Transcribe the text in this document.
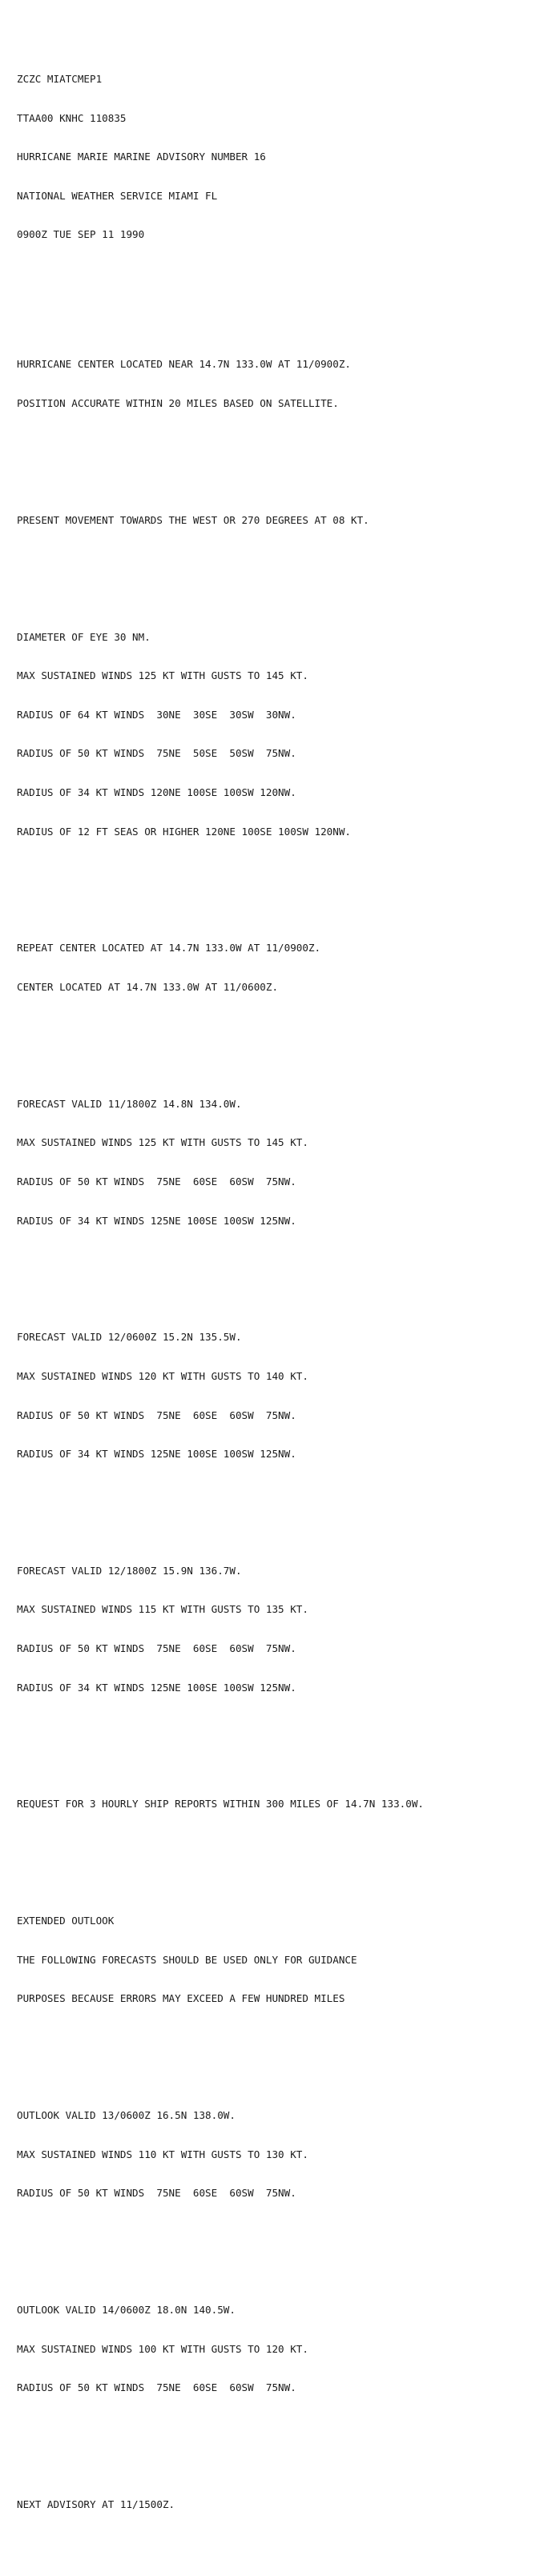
ZCZC MIATCMEP1

TTAA00 KNHC 110835

HURRICANE MARIE MARINE ADVISORY NUMBER 16

NATIONAL WEATHER SERVICE MIAMI FL

0900Z TUE SEP 11 1990

HURRICANE CENTER LOCATED NEAR 14.7N 133.0W AT 11/0900Z.

POSITION ACCURATE WITHIN 20 MILES BASED ON SATELLITE.

PRESENT MOVEMENT TOWARDS THE WEST OR 270 DEGREES AT 08 KT.

DIAMETER OF EYE 30 NM.

MAX SUSTAINED WINDS 125 KT WITH GUSTS TO 145 KT.

RADIUS OF 64 KT WINDS  30NE  30SE  30SW  30NW.

RADIUS OF 50 KT WINDS  75NE  50SE  50SW  75NW.

RADIUS OF 34 KT WINDS 120NE 100SE 100SW 120NW.

RADIUS OF 12 FT SEAS OR HIGHER 120NE 100SE 100SW 120NW.

REPEAT CENTER LOCATED AT 14.7N 133.0W AT 11/0900Z.

CENTER LOCATED AT 14.7N 133.0W AT 11/0600Z.

FORECAST VALID 11/1800Z 14.8N 134.0W.

MAX SUSTAINED WINDS 125 KT WITH GUSTS TO 145 KT.

RADIUS OF 50 KT WINDS  75NE  60SE  60SW  75NW.

RADIUS OF 34 KT WINDS 125NE 100SE 100SW 125NW.

FORECAST VALID 12/0600Z 15.2N 135.5W.

MAX SUSTAINED WINDS 120 KT WITH GUSTS TO 140 KT.

RADIUS OF 50 KT WINDS  75NE  60SE  60SW  75NW.

RADIUS OF 34 KT WINDS 125NE 100SE 100SW 125NW.

FORECAST VALID 12/1800Z 15.9N 136.7W.

MAX SUSTAINED WINDS 115 KT WITH GUSTS TO 135 KT.

RADIUS OF 50 KT WINDS  75NE  60SE  60SW  75NW.

RADIUS OF 34 KT WINDS 125NE 100SE 100SW 125NW.

REQUEST FOR 3 HOURLY SHIP REPORTS WITHIN 300 MILES OF 14.7N 133.0W.

EXTENDED OUTLOOK

THE FOLLOWING FORECASTS SHOULD BE USED ONLY FOR GUIDANCE

PURPOSES BECAUSE ERRORS MAY EXCEED A FEW HUNDRED MILES

OUTLOOK VALID 13/0600Z 16.5N 138.0W.

MAX SUSTAINED WINDS 110 KT WITH GUSTS TO 130 KT.

RADIUS OF 50 KT WINDS  75NE  60SE  60SW  75NW.

OUTLOOK VALID 14/0600Z 18.0N 140.5W.

MAX SUSTAINED WINDS 100 KT WITH GUSTS TO 120 KT.

RADIUS OF 50 KT WINDS  75NE  60SE  60SW  75NW.

NEXT ADVISORY AT 11/1500Z.
